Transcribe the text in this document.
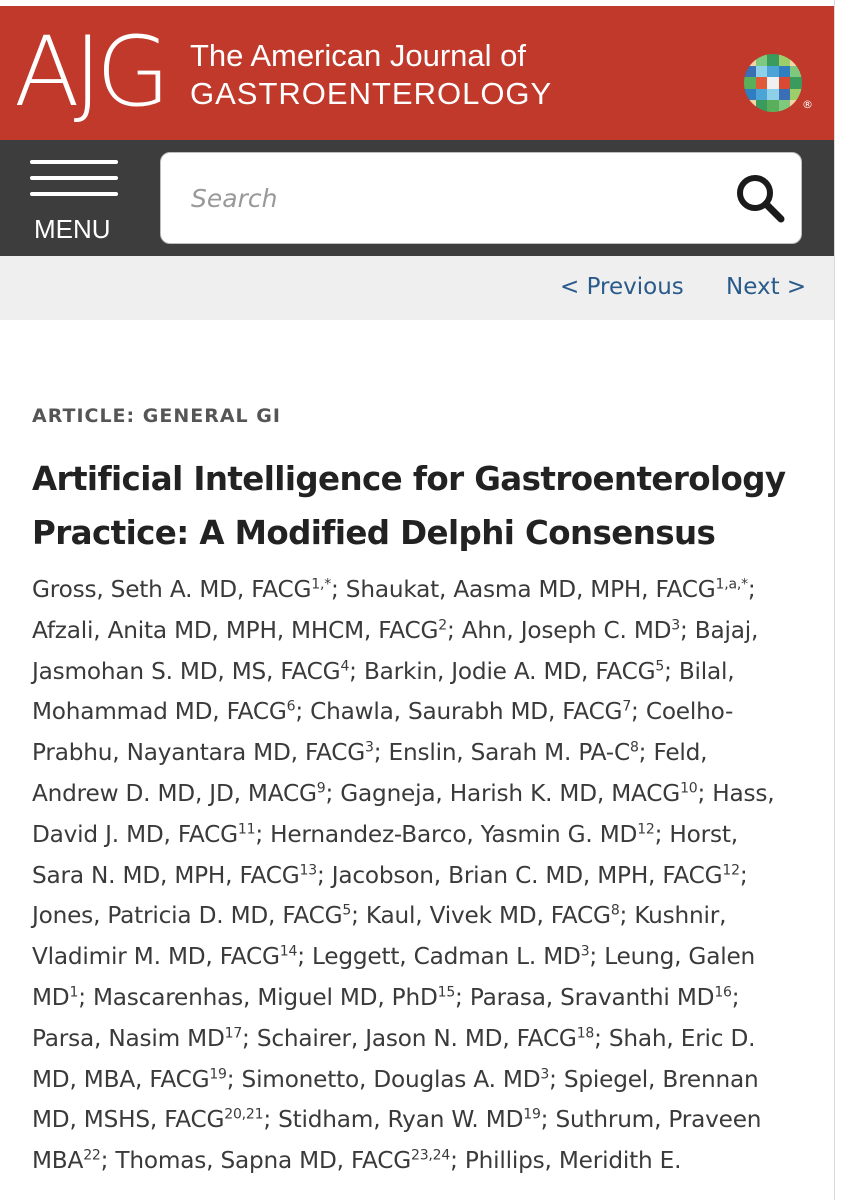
AJG The American Journal of
GASTROENTEROLOGY	®
MENU
Search
< Previous Next >
ARTICLE: GENERAL GI
Artificial Intelligence for Gastroenterology Practice: A Modified Delphi Consensus
Gross, Seth A. MD, $FACG^{1,*}$; Shaukat, Aasma MD, MPH, $FACG^{1,a,*}$;
Afzali, Anita MD, MPH, MHCM, FACG$^2$; Ahn, Joseph C. $MD^3$; Bajaj,
Jasmohan S. MD, MS, FACG$^4$; Barkin, Jodie A. MD, FACG$^5$; Bilal,
Mohammad MD, FACG$^6$; Chawla, Saurabh MD, FACG$^7$; Coelho-
Prabhu, Nayantara MD, FACG$^3$; Enslin, Sarah M. $PA-C^8$; Feld,
Andrew D. MD, JD, MACG$^9$; Gagneja, Harish K. MD, MACG$^{10}$; Hass,
David J. MD, FACG$^{11}$; Hernandez-Barco, Yasmin G. MD$^{12}$; Horst,
Sara N. MD, MPH, FACG$^{13}$; Jacobson, Brian C. MD, MPH, FACG$^{12}$;
Jones, Patricia D. MD, FACG$^5$; Kaul, Vivek MD, FACG$^8$; Kushnir,
Vladimir M. MD, FACG$^{14}$; Leggett, Cadman L. $MD^3$; Leung, Galen
$MD^1$; Mascarenhas, Miguel MD, PhD$^{15}$; Parasa, Sravanthi MD$^{16}$;
Parsa, Nasim MD$^{17}$; Schairer, Jason N. MD, FACG$^{18}$; Shah, Eric D.
MD, MBA, FACG$^{19}$; Simonetto, Douglas A. $MD^3$; Spiegel, Brennan
MD, MSHS, FACG$^{20,21}$; Stidham, Ryan W. MD$^{19}$; Suthrum, Praveen
MBA$^{22}$; Thomas, Sapna MD, FACG$^{23,24}$; Phillips, Meridith E.
